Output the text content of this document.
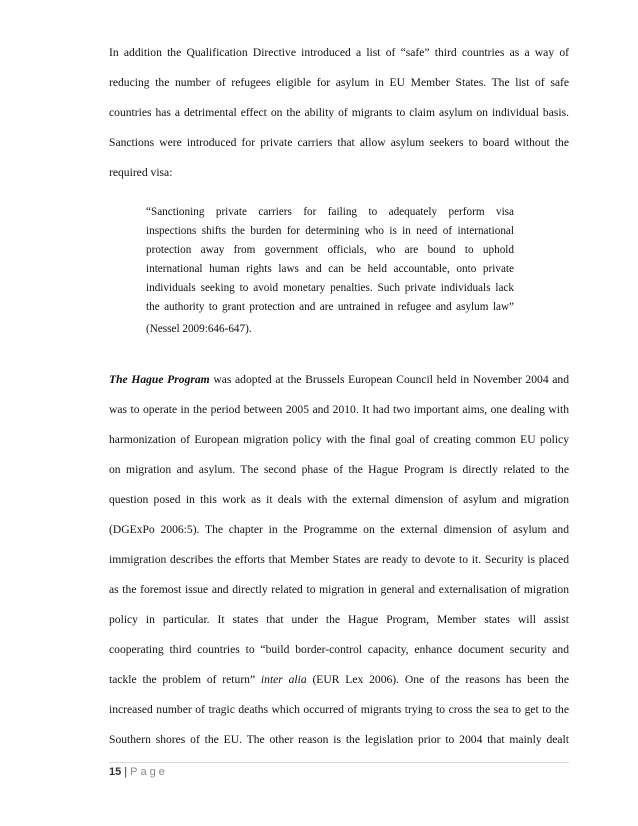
In addition the Qualification Directive introduced a list of “safe” third countries as a way of
reducing the number of refugees eligible for asylum in EU Member States. The list of safe
countries has a detrimental effect on the ability of migrants to claim asylum on individual basis.
Sanctions were introduced for private carriers that allow asylum seekers to board without the
required visa:
“Sanctioning private carriers for failing to adequately perform visa
inspections shifts the burden for determining who is in need of international
protection away from government officials, who are bound to uphold
international human rights laws and can be held accountable, onto private
individuals seeking to avoid monetary penalties. Such private individuals lack
the authority to grant protection and are untrained in refugee and asylum law”
(Nessel 2009:646-647).
The Hague Program was adopted at the Brussels European Council held in November 2004 and
was to operate in the period between 2005 and 2010. It had two important aims, one dealing with
harmonization of European migration policy with the final goal of creating common EU policy
on migration and asylum. The second phase of the Hague Program is directly related to the
question posed in this work as it deals with the external dimension of asylum and migration
(DGExPo 2006:5). The chapter in the Programme on the external dimension of asylum and
immigration describes the efforts that Member States are ready to devote to it. Security is placed
as the foremost issue and directly related to migration in general and externalisation of migration
policy in particular. It states that under the Hague Program, Member states will assist
cooperating third countries to “build border-control capacity, enhance document security and
tackle the problem of return” inter alia (EUR Lex 2006). One of the reasons has been the
increased number of tragic deaths which occurred of migrants trying to cross the sea to get to the
Southern shores of the EU. The other reason is the legislation prior to 2004 that mainly dealt
15 | Page
